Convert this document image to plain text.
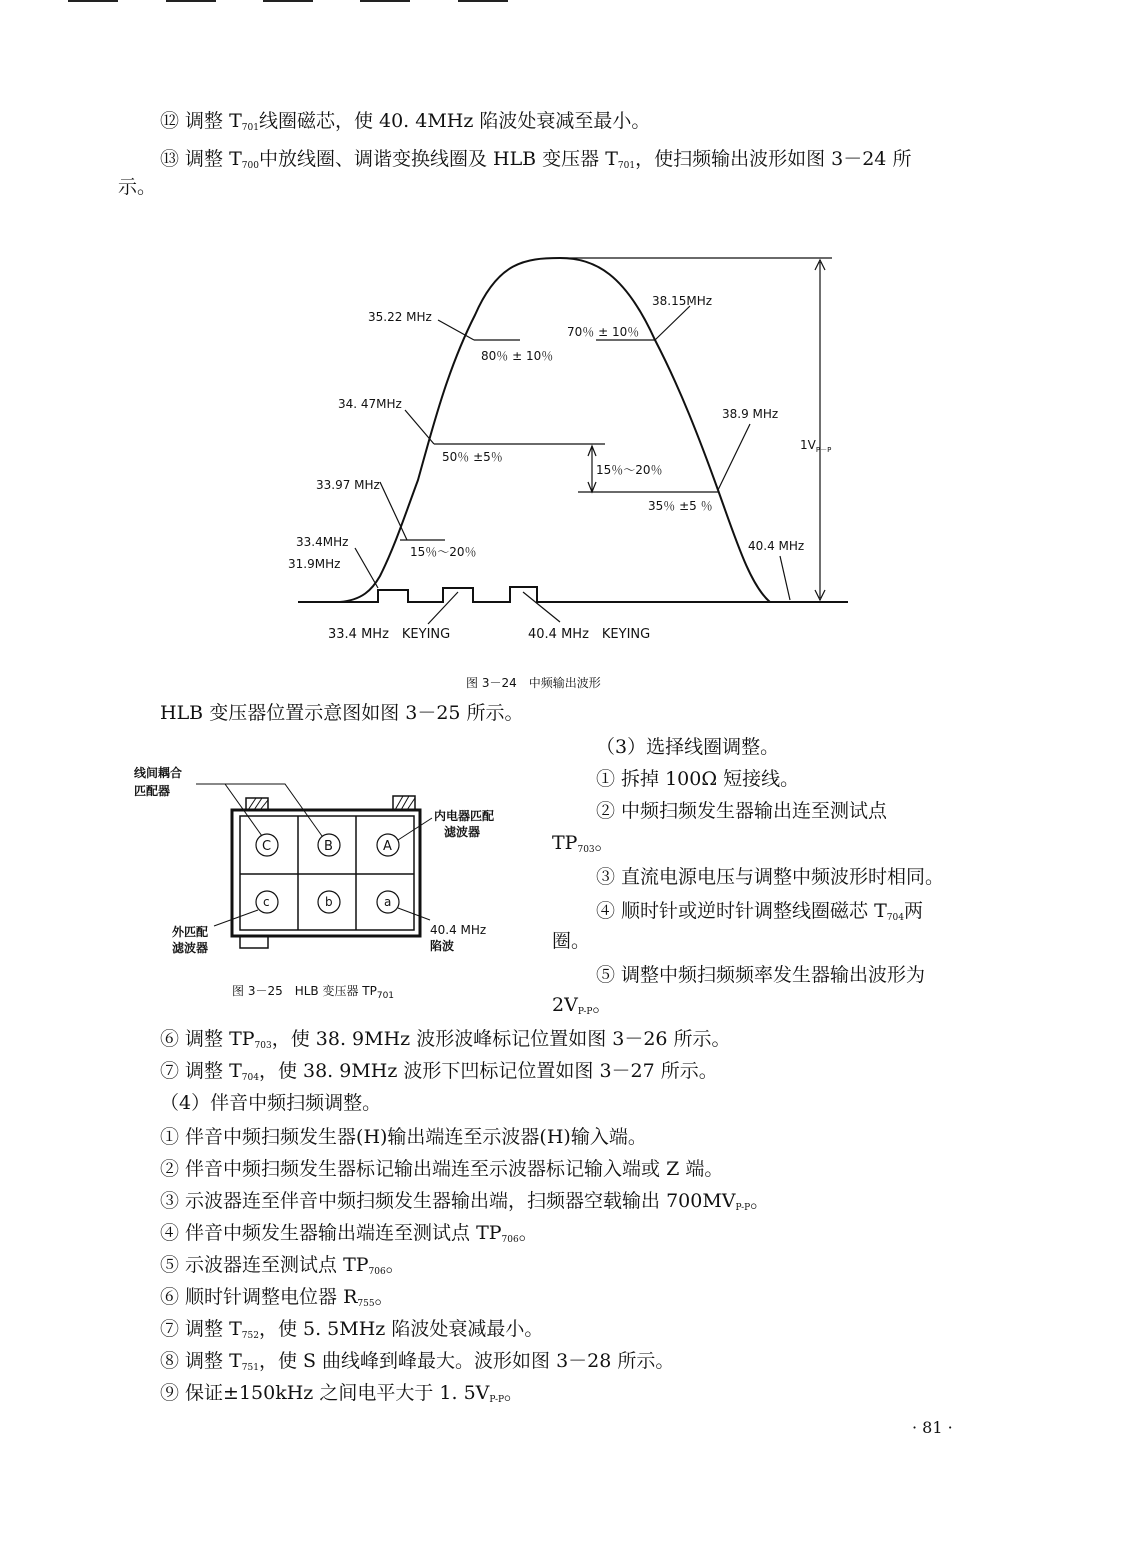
⑫ 调整 $T_{701}$线圈磁芯，使 40. 4MHz 陷波处衰减至最小。
⑬ 调整 $T_{700}$中放线圈、调谐变换线圈及 HLB 变压器 $T_{701}$，使扫频输出波形如图 3－24 所
示。
35.22 MHz
80％ ± 10％
38.15MHz
70％ ± 10％
34. 47MHz
50％ ±5％
38.9 MHz
$1V_{P-P}$
15％～20％
33.97 MHz
35％ ±5 ％
15％～20％
33.4MHz
31.9MHz
40.4 MHz
33.4 MHz　KEYING	40.4 MHz　KEYING
图 3－24　中频输出波形
HLB 变压器位置示意图如图 3－25 所示。
C	B	A
c	b	a
线间耦合
匹配器
内电器匹配
滤波器
外匹配
滤波器
40.4 MHz
陷波
图 3－25　HLB 变压器 $TP_{701}$
（3）选择线圈调整。
① 拆掉 100Ω 短接线。
② 中频扫频发生器输出连至测试点
$TP_{703}$。
③ 直流电源电压与调整中频波形时相同。
④ 顺时针或逆时针调整线圈磁芯 $T_{704}$两
圈。
⑤ 调整中频扫频频率发生器输出波形为
$2V_{P-P}$。
⑥ 调整 $TP_{703}$，使 38. 9MHz 波形波峰标记位置如图 3－26 所示。
⑦ 调整 $T_{704}$，使 38. 9MHz 波形下凹标记位置如图 3－27 所示。
（4）伴音中频扫频调整。
① 伴音中频扫频发生器(H)输出端连至示波器(H)输入端。
② 伴音中频扫频发生器标记输出端连至示波器标记输入端或 Z 端。
③ 示波器连至伴音中频扫频发生器输出端，扫频器空载输出 $700MV_{P-P}$。
④ 伴音中频发生器输出端连至测试点 $TP_{706}$。
⑤ 示波器连至测试点 $TP_{706}$。
⑥ 顺时针调整电位器 $R_{755}$。
⑦ 调整 $T_{752}$，使 5. 5MHz 陷波处衰减最小。
⑧ 调整 $T_{751}$，使 S 曲线峰到峰最大。波形如图 3－28 所示。
⑨ 保证±150kHz 之间电平大于 1. $5V_{P-P}$。
· 81 ·
